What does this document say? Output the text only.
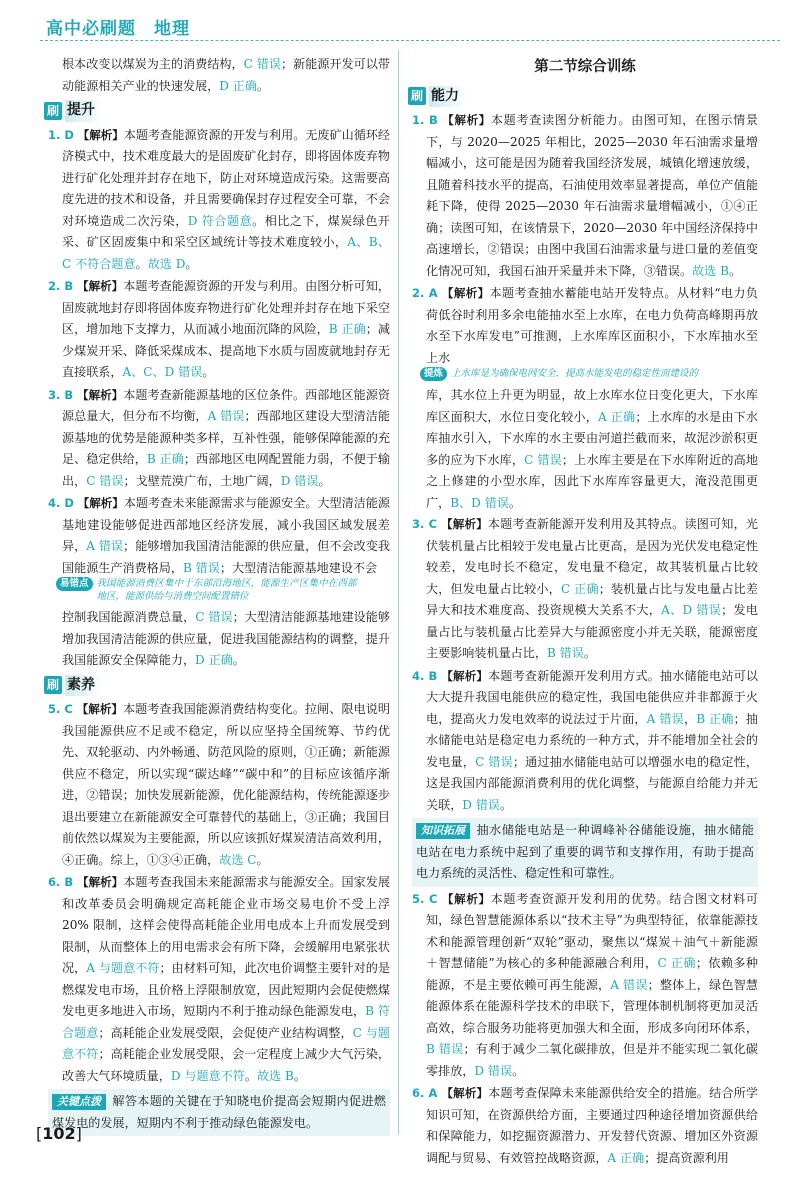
高中必刷题　地理

根本改变以煤炭为主的消费结构，C 错误；新能源开发可以带动能源相关产业的快速发展，D 正确。

刷 提升

1. D 【解析】本题考查能源资源的开发与利用。无废矿山循环经济模式中，技术难度最大的是固废矿化封存，即将固体废弃物进行矿化处理并封存在地下，防止对环境造成污染。这需要高度先进的技术和设备，并且需要确保封存过程安全可靠，不会对环境造成二次污染，D 符合题意。相比之下，煤炭绿色开采、矿区固废集中和采空区域统计等技术难度较小，A、B、C 不符合题意。故选 D。

2. B 【解析】本题考查能源资源的开发与利用。由图分析可知，固废就地封存即将固体废弃物进行矿化处理并封存在地下采空区，增加地下支撑力，从而减小地面沉降的风险，B 正确；减少煤炭开采、降低采煤成本、提高地下水质与固废就地封存无直接联系，A、C、D 错误。

3. B 【解析】本题考查新能源基地的区位条件。西部地区能源资源总量大，但分布不均衡，A 错误；西部地区建设大型清洁能源基地的优势是能源种类多样，互补性强，能够保障能源的充足、稳定供给，B 正确；西部地区电网配置能力弱，不便于输出，C 错误；戈壁荒漠广布，土地广阔，D 错误。

4. D 【解析】本题考查未来能源需求与能源安全。大型清洁能源基地建设能够促进西部地区经济发展，减小我国区域发展差异，A 错误；能够增加我国清洁能源的供应量，但不会改变我国能源生产消费格局，B 错误；大型清洁能源基地建设不会

易错点 我国能源消费区集中于东部沿海地区，能源生产区集中在西部地区，能源供给与消费空间配置错位

控制我国能源消费总量，C 错误；大型清洁能源基地建设能够增加我国清洁能源的供应量，促进我国能源结构的调整，提升我国能源安全保障能力，D 正确。

刷 素养

5. C 【解析】本题考查我国能源消费结构变化。拉闸、限电说明我国能源供应不足或不稳定，所以应坚持全国统筹、节约优先、双轮驱动、内外畅通、防范风险的原则，①正确；新能源供应不稳定，所以实现“碳达峰”“碳中和”的目标应该循序渐进，②错误；加快发展新能源，优化能源结构，传统能源逐步退出要建立在新能源安全可靠替代的基础上，③正确；我国目前依然以煤炭为主要能源，所以应该抓好煤炭清洁高效利用，④正确。综上，①③④正确，故选 C。

6. B 【解析】本题考查我国未来能源需求与能源安全。国家发展和改革委员会明确规定高耗能企业市场交易电价不受上浮 20% 限制，这样会使得高耗能企业用电成本上升而发展受到限制，从而整体上的用电需求会有所下降，会缓解用电紧张状况，A 与题意不符；由材料可知，此次电价调整主要针对的是燃煤发电市场，且价格上浮限制放宽，因此短期内会促使燃煤发电更多地进入市场，短期内不利于推动绿色能源发电，B 符合题意；高耗能企业发展受限，会促使产业结构调整，C 与题意不符；高耗能企业发展受限，会一定程度上减少大气污染，改善大气环境质量，D 与题意不符。故选 B。

关键点拨 解答本题的关键在于知晓电价提高会短期内促进燃煤发电的发展，短期内不利于推动绿色能源发电。
第二节综合训练
刷 能力

1. B 【解析】本题考查读图分析能力。由图可知，在图示情景下，与 2020—2025 年相比，2025—2030 年石油需求量增幅减小，这可能是因为随着我国经济发展，城镇化增速放缓，且随着科技水平的提高，石油使用效率显著提高，单位产值能耗下降，使得 2025—2030 年石油需求量增幅减小，①④正确；读图可知，在该情景下，2020—2030 年中国经济保持中高速增长，②错误；由图中我国石油需求量与进口量的差值变化情况可知，我国石油开采量并未下降，③错误。故选 B。

2. A 【解析】本题考查抽水蓄能电站开发特点。从材料“电力负荷低谷时利用多余电能抽水至上水库，在电力负荷高峰期再放水至下水库发电”可推测，上水库库区面积小，下水库抽水至上水

提炼 上水库是为确保电网安全，提高水能发电的稳定性而建设的

库，其水位上升更为明显，故上水库水位日变化更大，下水库库区面积大，水位日变化较小，A 正确；上水库的水是由下水库抽水引入，下水库的水主要由河道拦截而来，故泥沙淤积更多的应为下水库，C 错误；上水库主要是在下水库附近的高地之上修建的小型水库，因此下水库库容量更大，淹没范围更广，B、D 错误。

3. C 【解析】本题考查新能源开发利用及其特点。读图可知，光伏装机量占比相较于发电量占比更高，是因为光伏发电稳定性较差，发电时长不稳定，发电量不稳定，故其装机量占比较大，但发电量占比较小，C 正确；装机量占比与发电量占比差异大和技术难度高、投资规模大关系不大，A、D 错误；发电量占比与装机量占比差异大与能源密度小并无关联，能源密度主要影响装机量占比，B 错误。

4. B 【解析】本题考查新能源开发利用方式。抽水储能电站可以大大提升我国电能供应的稳定性，我国电能供应并非都源于火电，提高火力发电效率的说法过于片面，A 错误，B 正确；抽水储能电站是稳定电力系统的一种方式，并不能增加全社会的发电量，C 错误；通过抽水储能电站可以增强水电的稳定性，这是我国内部能源消费利用的优化调整，与能源自给能力并无关联，D 错误。

知识拓展 抽水储能电站是一种调峰补谷储能设施，抽水储能电站在电力系统中起到了重要的调节和支撑作用，有助于提高电力系统的灵活性、稳定性和可靠性。

5. C 【解析】本题考查资源开发利用的优势。结合图文材料可知，绿色智慧能源体系以“技术主导”为典型特征，依靠能源技术和能源管理创新“双轮”驱动，聚焦以“煤炭＋油气＋新能源＋智慧储能”为核心的多种能源融合利用，C 正确；依赖多种能源，不是主要依赖可再生能源，A 错误；整体上，绿色智慧能源体系在能源科学技术的串联下，管理体制机制将更加灵活高效，综合服务功能将更加强大和全面，形成多向闭环体系，B 错误；有利于减少二氧化碳排放，但是并不能实现二氧化碳零排放，D 错误。

6. A 【解析】本题考查保障未来能源供给安全的措施。结合所学知识可知，在资源供给方面，主要通过四种途径增加资源供给和保障能力，如挖掘资源潜力、开发替代资源、增加区外资源调配与贸易、有效管控战略资源，A 正确；提高资源利用

[102]
